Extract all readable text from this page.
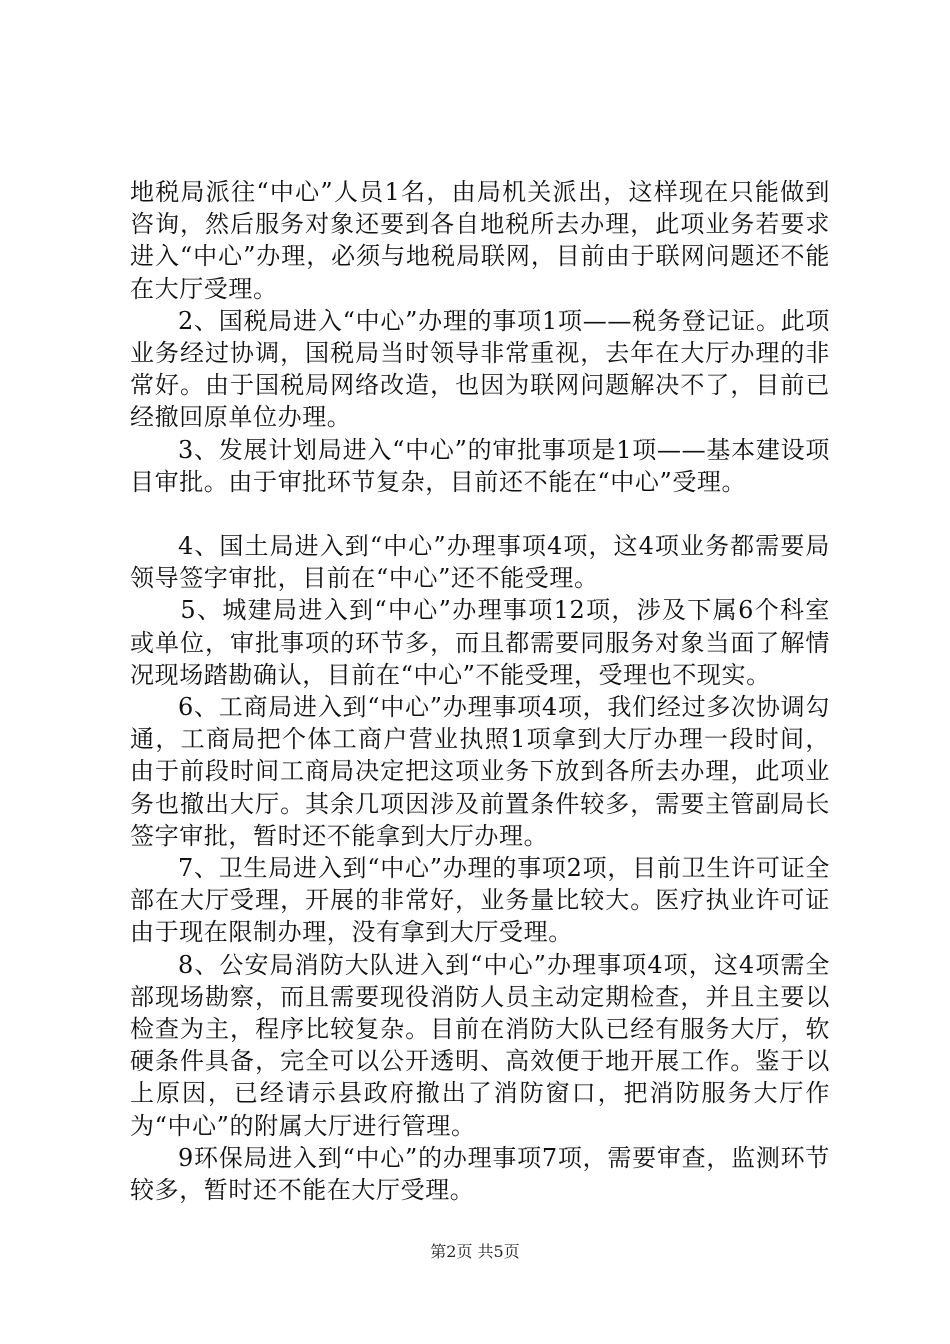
地税局派往“中心”人员1名，由局机关派出，这样现在只能做到咨询，然后服务对象还要到各自地税所去办理，此项业务若要求进入“中心”办理，必须与地税局联网，目前由于联网问题还不能在大厅受理。

2、国税局进入“中心”办理的事项1项——税务登记证。此项业务经过协调，国税局当时领导非常重视，去年在大厅办理的非常好。由于国税局网络改造，也因为联网问题解决不了，目前已经撤回原单位办理。

3、发展计划局进入“中心”的审批事项是1项——基本建设项目审批。由于审批环节复杂，目前还不能在“中心”受理。

4、国土局进入到“中心”办理事项4项，这4项业务都需要局领导签字审批，目前在“中心”还不能受理。

5、城建局进入到“中心”办理事项12项，涉及下属6个科室或单位，审批事项的环节多，而且都需要同服务对象当面了解情况现场踏勘确认，目前在“中心”不能受理，受理也不现实。

6、工商局进入到“中心”办理事项4项，我们经过多次协调勾通，工商局把个体工商户营业执照1项拿到大厅办理一段时间，由于前段时间工商局决定把这项业务下放到各所去办理，此项业务也撤出大厅。其余几项因涉及前置条件较多，需要主管副局长签字审批，暂时还不能拿到大厅办理。

7、卫生局进入到“中心”办理的事项2项，目前卫生许可证全部在大厅受理，开展的非常好，业务量比较大。医疗执业许可证由于现在限制办理，没有拿到大厅受理。

8、公安局消防大队进入到“中心”办理事项4项，这4项需全部现场勘察，而且需要现役消防人员主动定期检查，并且主要以检查为主，程序比较复杂。目前在消防大队已经有服务大厅，软硬条件具备，完全可以公开透明、高效便于地开展工作。鉴于以上原因，已经请示县政府撤出了消防窗口，把消防服务大厅作为“中心”的附属大厅进行管理。

9环保局进入到“中心”的办理事项7项，需要审查，监测环节较多，暂时还不能在大厅受理。

第2页 共5页
